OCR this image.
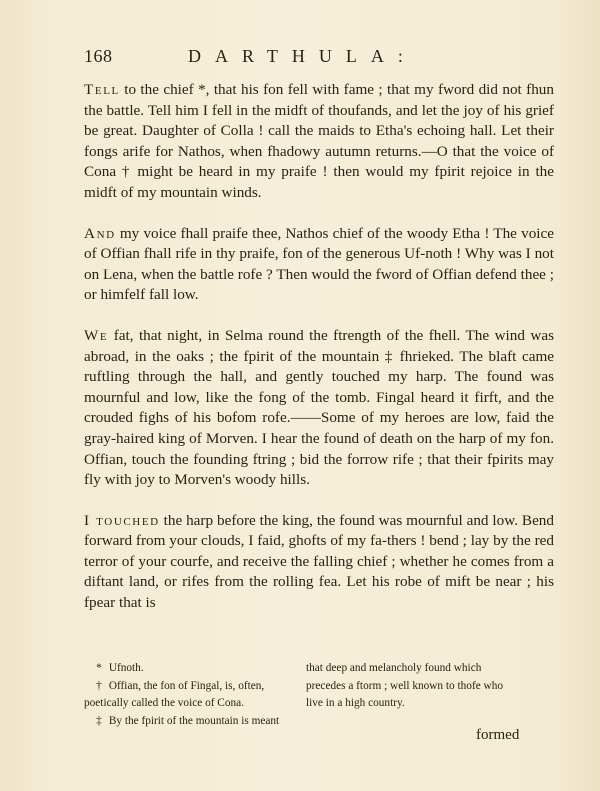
168	DARTHULA:

Tell to the chief *, that his fon fell with fame ; that my fword did not fhun the battle. Tell him I fell in the midft of thoufands, and let the joy of his grief be great. Daughter of Colla ! call the maids to Etha's echoing hall. Let their fongs arife for Nathos, when fhadowy autumn returns.—O that the voice of Cona † might be heard in my praife ! then would my fpirit rejoice in the midft of my mountain winds.

And my voice fhall praife thee, Nathos chief of the woody Etha ! The voice of Offian fhall rife in thy praife, fon of the generous Uf-noth ! Why was I not on Lena, when the battle rofe ? Then would the fword of Offian defend thee ; or himfelf fall low.

We fat, that night, in Selma round the ftrength of the fhell. The wind was abroad, in the oaks ; the fpirit of the mountain ‡ fhrieked. The blaft came ruftling through the hall, and gently touched my harp. The found was mournful and low, like the fong of the tomb. Fingal heard it firft, and the crouded fighs of his bofom rofe.——Some of my heroes are low, faid the gray-haired king of Morven. I hear the found of death on the harp of my fon. Offian, touch the founding ftring ; bid the forrow rife ; that their fpirits may fly with joy to Morven's woody hills.

I touched the harp before the king, the found was mournful and low. Bend forward from your clouds, I faid, ghofts of my fa-thers ! bend ; lay by the red terror of your courfe, and receive the falling chief ; whether he comes from a diftant land, or rifes from the rolling fea. Let his robe of mift be near ; his fpear that is

* Ufnoth.

† Offian, the fon of Fingal, is, often,

poetically called the voice of Cona.

‡ By the fpirit of the mountain is meant

that deep and melancholy found which

precedes a ftorm ; well known to thofe who

live in a high country.

formed
